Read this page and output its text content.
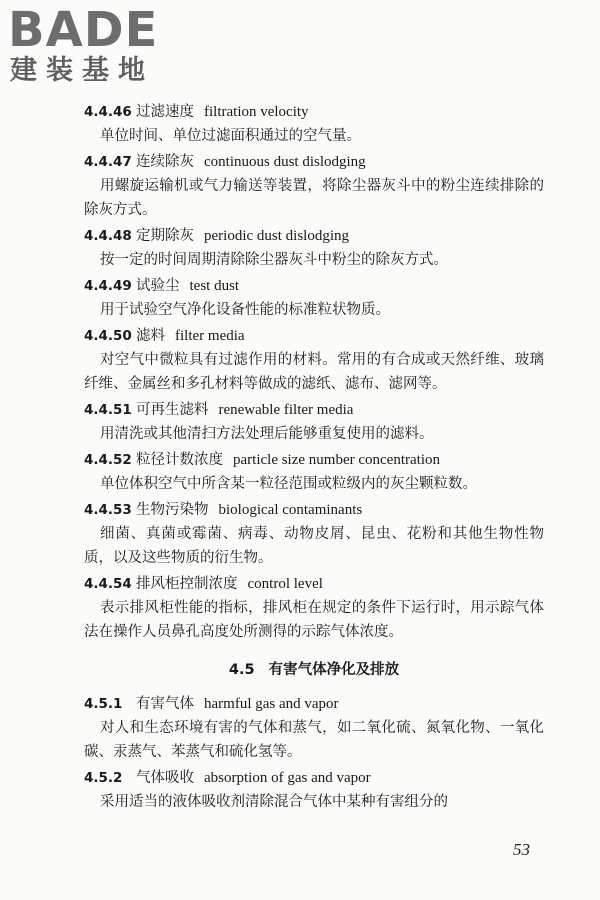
BADE
建装基地
4.4.46 过滤速度 filtration velocity
单位时间、单位过滤面积通过的空气量。
4.4.47 连续除灰 continuous dust dislodging
用螺旋运输机或气力输送等装置，将除尘器灰斗中的粉尘连续排除的除灰方式。
4.4.48 定期除灰 periodic dust dislodging
按一定的时间周期清除除尘器灰斗中粉尘的除灰方式。
4.4.49 试验尘 test dust
用于试验空气净化设备性能的标准粒状物质。
4.4.50 滤料 filter media
对空气中微粒具有过滤作用的材料。常用的有合成或天然纤维、玻璃纤维、金属丝和多孔材料等做成的滤纸、滤布、滤网等。
4.4.51 可再生滤料 renewable filter media
用清洗或其他清扫方法处理后能够重复使用的滤料。
4.4.52 粒径计数浓度 particle size number concentration
单位体积空气中所含某一粒径范围或粒级内的灰尘颗粒数。
4.4.53 生物污染物 biological contaminants
细菌、真菌或霉菌、病毒、动物皮屑、昆虫、花粉和其他生物性物质，以及这些物质的衍生物。
4.4.54 排风柜控制浓度 control level
表示排风柜性能的指标，排风柜在规定的条件下运行时，用示踪气体法在操作人员鼻孔高度处所测得的示踪气体浓度。
4.5 有害气体净化及排放
4.5.1 有害气体 harmful gas and vapor
对人和生态环境有害的气体和蒸气，如二氧化硫、氮氧化物、一氧化碳、汞蒸气、苯蒸气和硫化氢等。
4.5.2 气体吸收 absorption of gas and vapor
采用适当的液体吸收剂清除混合气体中某种有害组分的
53
